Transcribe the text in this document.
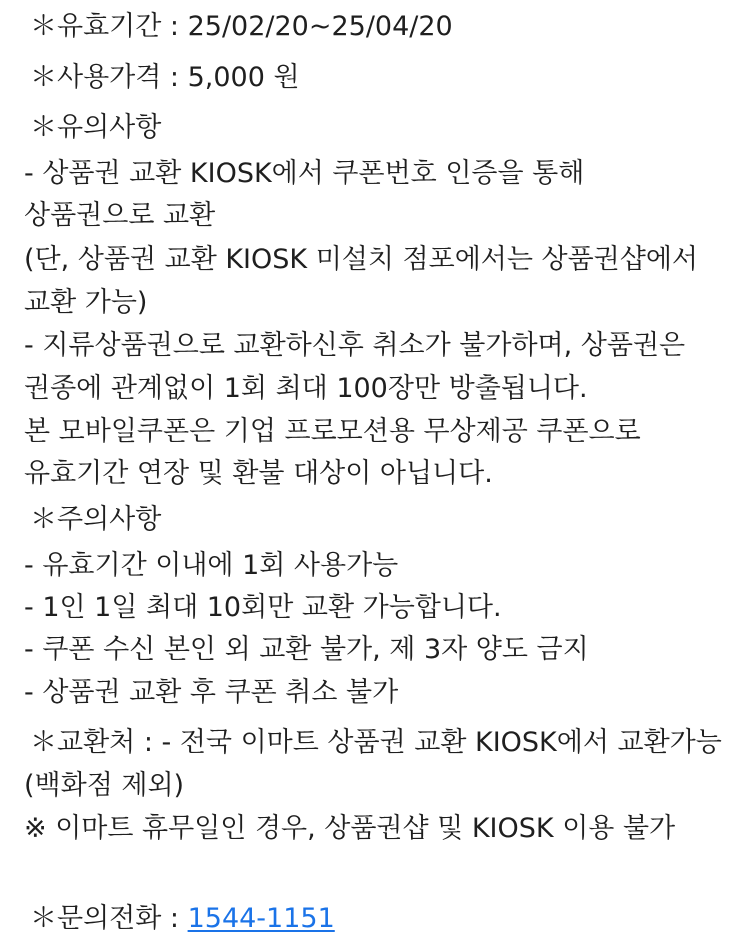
＊유효기간 : 25/02/20~25/04/20
＊사용가격 : 5,000 원
＊유의사항
- 상품권 교환 KIOSK에서 쿠폰번호 인증을 통해
상품권으로 교환
(단, 상품권 교환 KIOSK 미설치 점포에서는 상품권샵에서
교환 가능)
- 지류상품권으로 교환하신후 취소가 불가하며, 상품권은
권종에 관계없이 1회 최대 100장만 방출됩니다.
본 모바일쿠폰은 기업 프로모션용 무상제공 쿠폰으로
유효기간 연장 및 환불 대상이 아닙니다.
＊주의사항
- 유효기간 이내에 1회 사용가능
- 1인 1일 최대 10회만 교환 가능합니다.
- 쿠폰 수신 본인 외 교환 불가, 제 3자 양도 금지
- 상품권 교환 후 쿠폰 취소 불가
＊교환처 : - 전국 이마트 상품권 교환 KIOSK에서 교환가능
(백화점 제외)
※ 이마트 휴무일인 경우, 상품권샵 및 KIOSK 이용 불가
＊문의전화 : 1544-1151
